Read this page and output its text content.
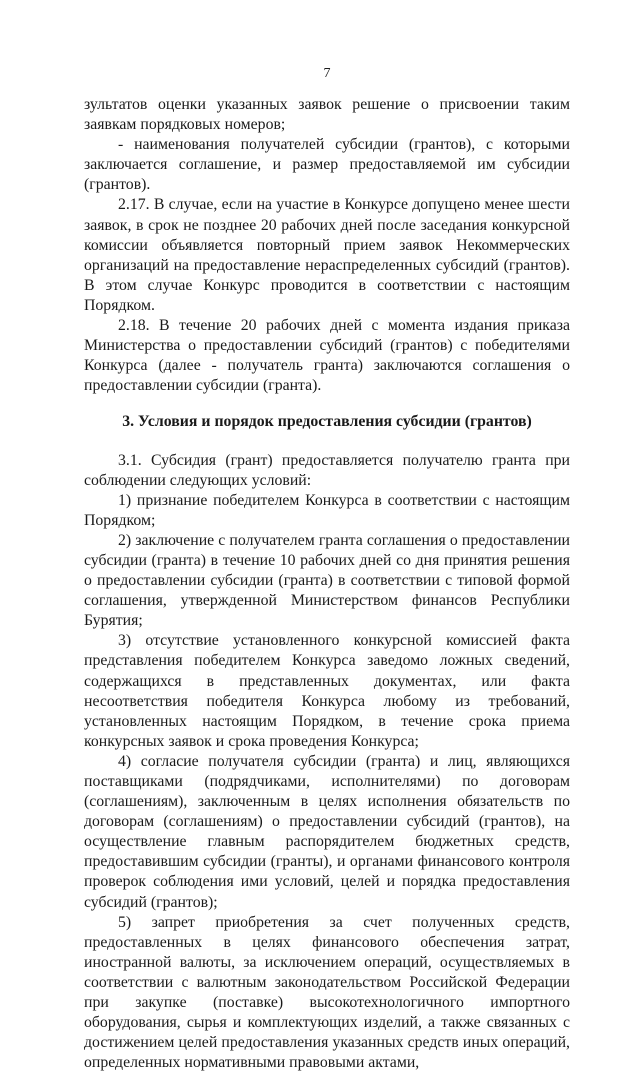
7

зультатов оценки указанных заявок решение о присвоении таким заявкам порядковых номеров;

- наименования получателей субсидии (грантов), с которыми заключается соглашение, и размер предоставляемой им субсидии (грантов).

2.17. В случае, если на участие в Конкурсе допущено менее шести заявок, в срок не позднее 20 рабочих дней после заседания конкурсной комиссии объявляется повторный прием заявок Некоммерческих организаций на предоставление нераспределенных субсидий (грантов). В этом случае Конкурс проводится в соответствии с настоящим Порядком.

2.18. В течение 20 рабочих дней с момента издания приказа Министерства о предоставлении субсидий (грантов) с победителями Конкурса (далее - получатель гранта) заключаются соглашения о предоставлении субсидии (гранта).

3. Условия и порядок предоставления субсидии (грантов)

3.1. Субсидия (грант) предоставляется получателю гранта при соблюдении следующих условий:

1) признание победителем Конкурса в соответствии с настоящим Порядком;

2) заключение с получателем гранта соглашения о предоставлении субсидии (гранта) в течение 10 рабочих дней со дня принятия решения о предоставлении субсидии (гранта) в соответствии с типовой формой соглашения, утвержденной Министерством финансов Республики Бурятия;

3) отсутствие установленного конкурсной комиссией факта представления победителем Конкурса заведомо ложных сведений, содержащихся в представленных документах, или факта несоответствия победителя Конкурса любому из требований, установленных настоящим Порядком, в течение срока приема конкурсных заявок и срока проведения Конкурса;

4) согласие получателя субсидии (гранта) и лиц, являющихся поставщиками (подрядчиками, исполнителями) по договорам (соглашениям), заключенным в целях исполнения обязательств по договорам (соглашениям) о предоставлении субсидий (грантов), на осуществление главным распорядителем бюджетных средств, предоставившим субсидии (гранты), и органами финансового контроля проверок соблюдения ими условий, целей и порядка предоставления субсидий (грантов);

5) запрет приобретения за счет полученных средств, предоставленных в целях финансового обеспечения затрат, иностранной валюты, за исключением операций, осуществляемых в соответствии с валютным законодательством Российской Федерации при закупке (поставке) высокотехнологичного импортного оборудования, сырья и комплектующих изделий, а также связанных с достижением целей предоставления указанных средств иных операций, определенных нормативными правовыми актами,
